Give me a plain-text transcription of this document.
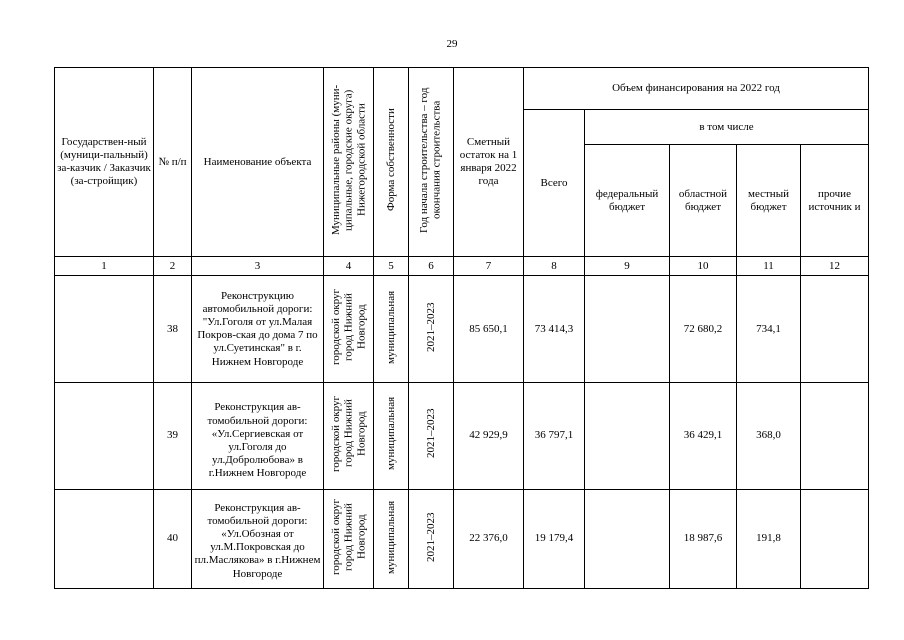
29
Государствен-ный (муници-пальный) за-казчик / Заказчик (за-стройщик)	№ п/п	Наименование объекта	Муниципальные районы (муни-ципальные, городские округа) Нижегородской области	Форма собственности	Год начала строительства – год окончания строительства	Сметный остаток на 1 января 2022 года	Объем финансирования на 2022 год				
							Всего	в том числе			
								федеральный бюджет	областной бюджет	местный бюджет	прочие источник и
1	2	3	4	5	6	7	8	9	10	11	12
	38	Реконструкцию автомобильной дороги: "Ул.Гоголя от ул.Малая Покров-ская до дома 7 по ул.Суетинская" в г. Нижнем Новгороде	городской округ город Нижний Новгород	муниципальная	2021–2023	85 650,1	73 414,3		72 680,2	734,1	
	39	Реконструкция ав-томобильной дороги: «Ул.Сергиевская от ул.Гоголя до ул.Добролюбова» в г.Нижнем Новгороде	городской округ город Нижний Новгород	муниципальная	2021–2023	42 929,9	36 797,1		36 429,1	368,0	
	40	Реконструкция ав-томобильной дороги: «Ул.Обозная от ул.М.Покровская до пл.Маслякова» в г.Нижнем Новгороде	городской округ город Нижний Новгород	муниципальная	2021–2023	22 376,0	19 179,4		18 987,6	191,8	
